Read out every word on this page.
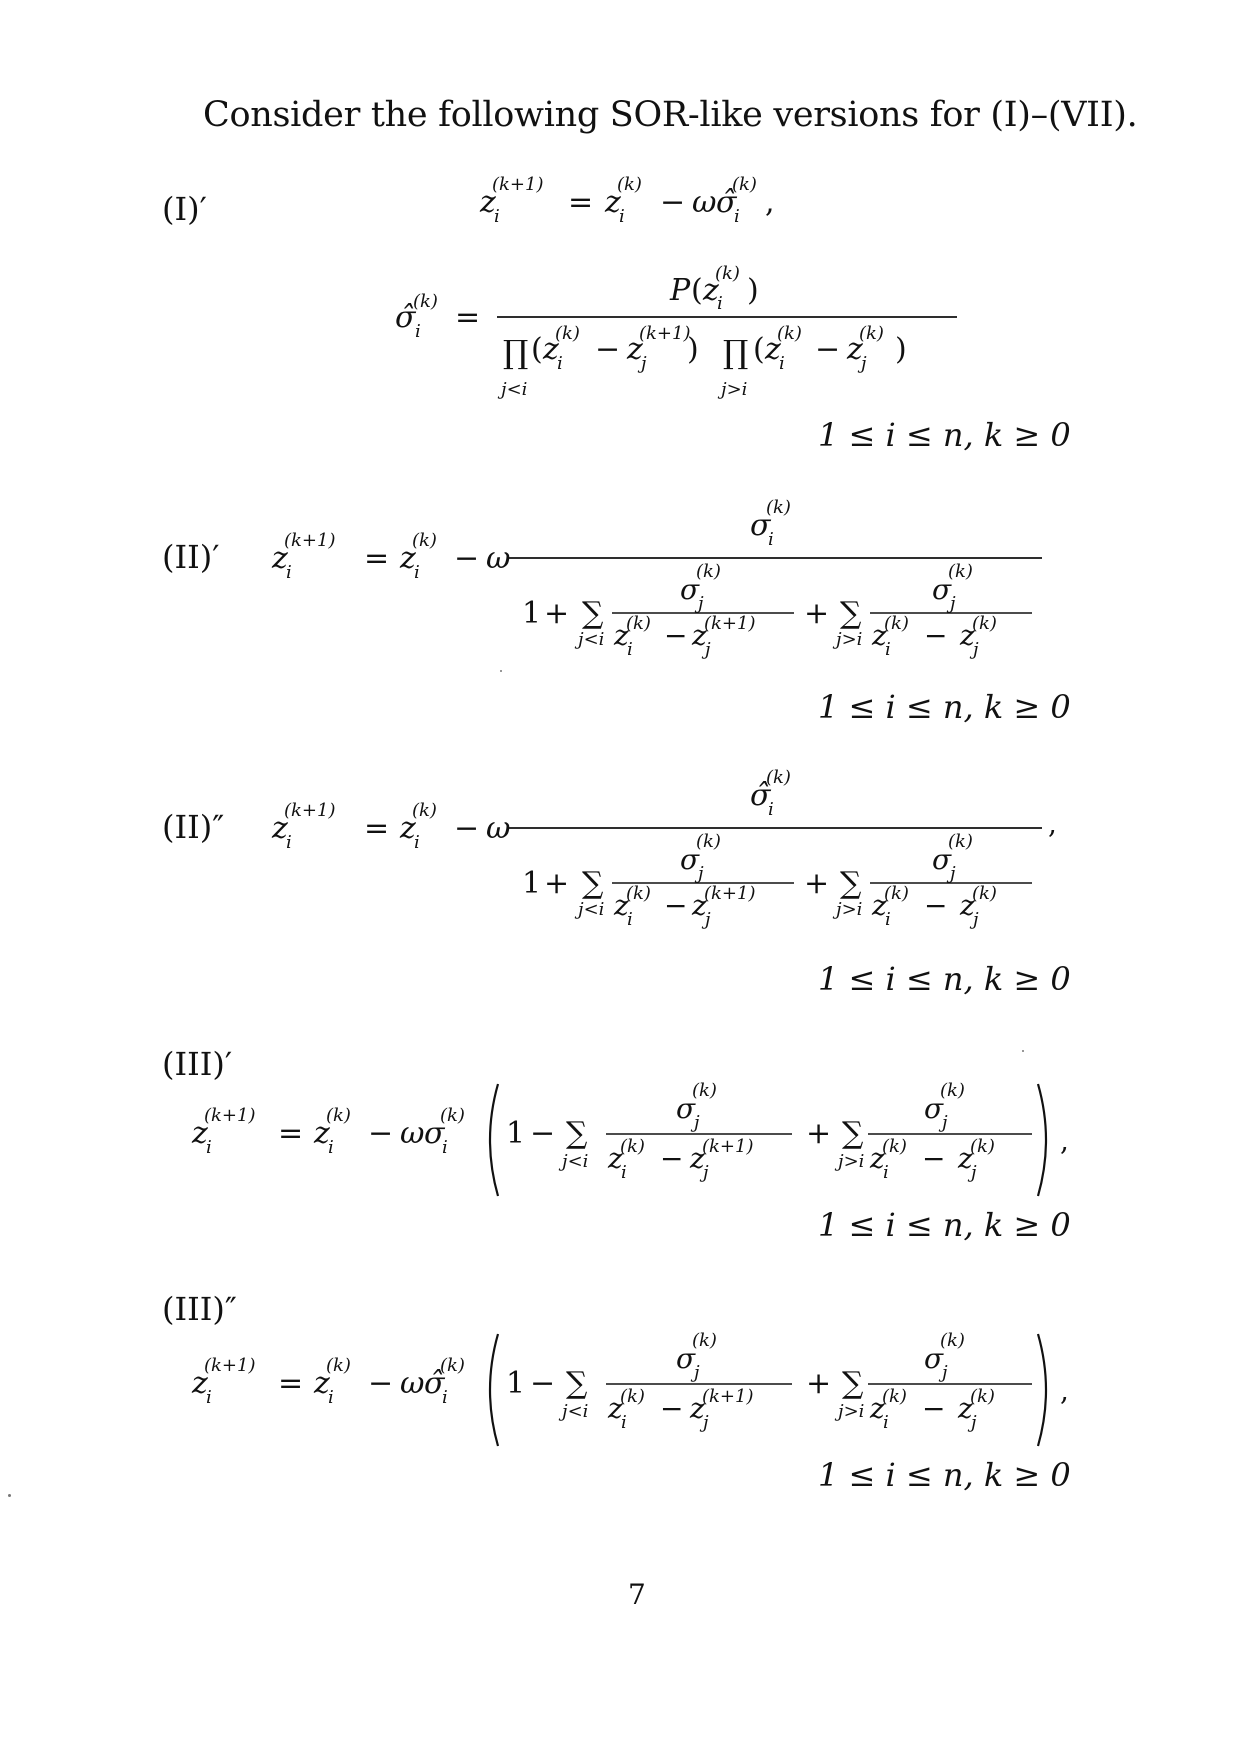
Consider the following SOR-like versions for (I)–(VII).
(I)′	z
i
(k+1)
= z
i
(k)
− ω σ̂
i
(k)
,
σ̂ i
(k) =
P ( z
i
(k) )
∏
j<i
( z
i
(k) − z
j
(k+1)
) ∏
j>i
( z
i
(k) − z
j
(k) )
1 ≤ i ≤ n, k ≥ 0
(II)′ z
i
(k+1)
= z
i
(k)
− ω
σ
i
(k)
1 + ∑
j<i
σ
j
(k)
z
i
(k) − z
j
(k+1) + ∑
j>i
σ
j
(k)
z
i
(k) − z
j
(k)
1 ≤ i ≤ n, k ≥ 0
(II)″ z
i
(k+1)
= z
i
(k)
− ω
σ̂
i
(k)
,
1 + ∑
j<i
σ
j
(k)
z
i
(k) − z
j
(k+1) + ∑
j>i
σ
j
(k)
z
i
(k) − z
j
(k)
1 ≤ i ≤ n, k ≥ 0
(III)′
z
i
(k+1)
= z
i
(k)
− ω σ
i
(k)
1 − ∑
j<i
σ
j
(k)
z
i
(k) − z
j
(k+1) + ∑
j>i
σ
j
(k)
z
i
(k) − z
j
(k) ,
1 ≤ i ≤ n, k ≥ 0
(III)″
z
i
(k+1)
= z
i
(k)
− ω σ̂
i
(k)
1 − ∑
j<i
σ
j
(k)
z
i
(k) − z
j
(k+1) + ∑
j>i
σ
j
(k)
z
i
(k) − z
j
(k) ,
1 ≤ i ≤ n, k ≥ 0
7
